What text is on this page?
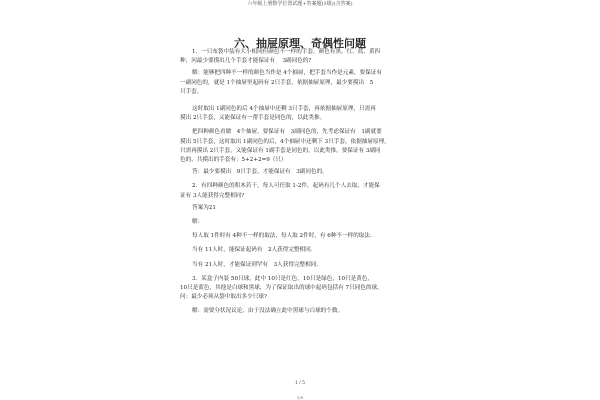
六年级上册数学位置试题+答案题(1级)(含答案)
六、抽屉原理、奇偶性问题

1．一只布袋中装有大小相同但颜色不一样的手套，颜色有黑、红、蓝、黄四

种，问最少要摸出几个手套才能保证有　 3副同色的?

解：能够把四种不一样的颜色当作是 4个抽屉，把手套当作是元素，要保证有

一副同色的，就是 1个抽屉里起码有 2只手套，依据抽屉原理，最少要摸出　5

只手套。

这时取出 1副同色的后 4个抽屉中还剩 3只手套，再依据抽屉原理，只需再

摸出 2只手套，又能保证有一帮手套是同色的，以此类推。

把四种颜色看做　4个抽屉，要保证有　3副同色的，先考虑保证有　1副就要

摸出 5只手套，这时取出 1副同色的后，4个抽屉中还剩下 3只手套，依据抽屉原理，

只需再摸出 2只手套，又能保证有 1副手套是同色的，以此类推，要保证有 3副同

色的，共摸出的手套有：5+2+2=9（只）

答：最少要摸出　9只手套，才能保证有　3副同色的。

2．有四种颜色的积木若干，每人可任取 1-2件，起码有几个人去取，才能保

证有 3人能获得完整相同?

答案为21

解：

每人取 1件时有 4种不一样的取法，每人取 2件时，有 6种不一样的取法．

当有 11人时，能保证起码有　2人获得完整相同．

当有 21人时，才能保证到罕有　3人获得完整相同．

3．某盒子内装 50只球，此中 10只是红色，10只是绿色，10只是黄色，

10只是蓝色，其他是白球和黑球，为了保证取出的球中起码包括有 7只同色的球，

问：最少必须从袋中取出多少只球?

解：需要分状况议论，由于没法确立此中黑球与白球的个数。

1 / 5
1/9
